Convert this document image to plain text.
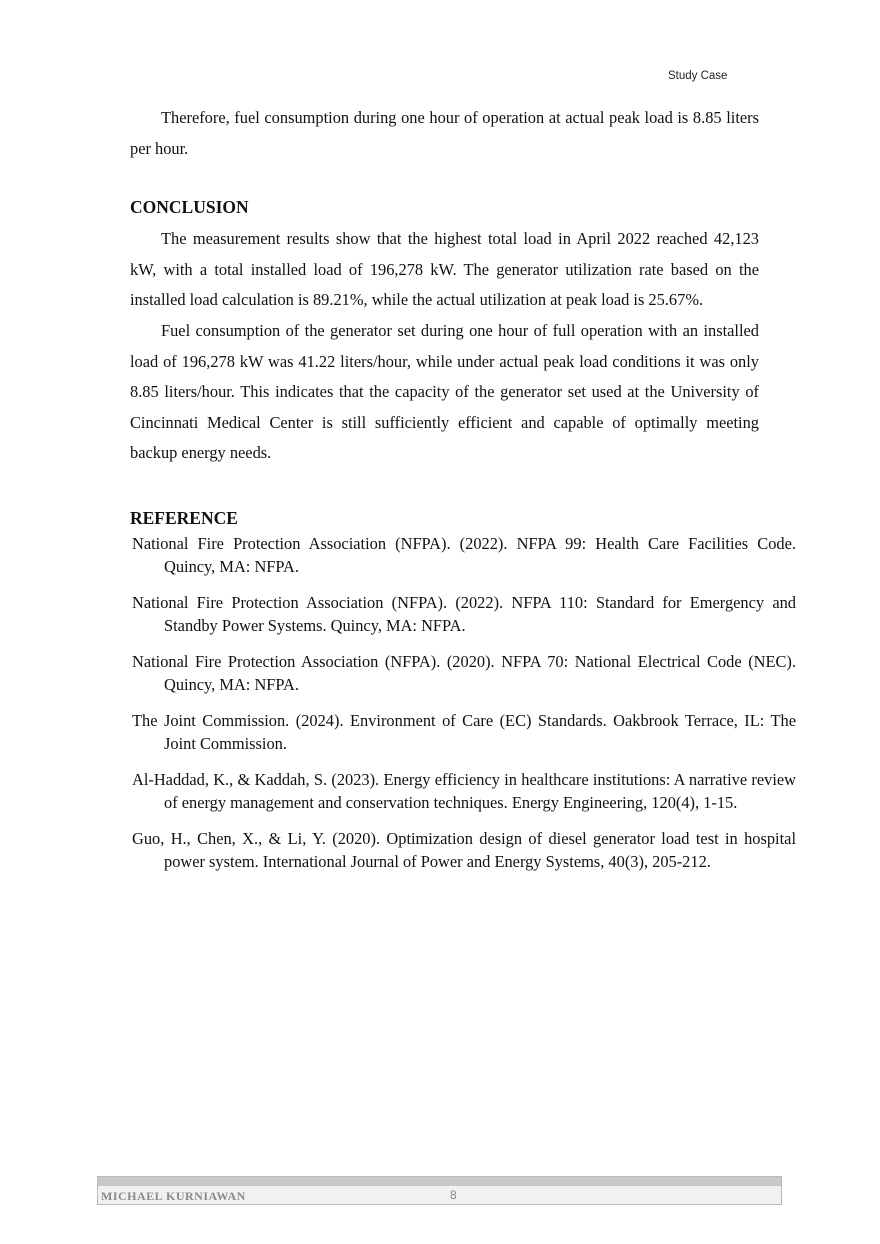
Study Case

Therefore, fuel consumption during one hour of operation at actual peak load is 8.85 liters per hour.

CONCLUSION

The measurement results show that the highest total load in April 2022 reached 42,123 kW, with a total installed load of 196,278 kW. The generator utilization rate based on the installed load calculation is 89.21%, while the actual utilization at peak load is 25.67%.

Fuel consumption of the generator set during one hour of full operation with an installed load of 196,278 kW was 41.22 liters/hour, while under actual peak load conditions it was only 8.85 liters/hour. This indicates that the capacity of the generator set used at the University of Cincinnati Medical Center is still sufficiently efficient and capable of optimally meeting backup energy needs.

REFERENCE
National Fire Protection Association (NFPA). (2022). NFPA 99: Health Care Facilities Code. Quincy, MA: NFPA.
National Fire Protection Association (NFPA). (2022). NFPA 110: Standard for Emergency and Standby Power Systems. Quincy, MA: NFPA.
National Fire Protection Association (NFPA). (2020). NFPA 70: National Electrical Code (NEC). Quincy, MA: NFPA.
The Joint Commission. (2024). Environment of Care (EC) Standards. Oakbrook Terrace, IL: The Joint Commission.
Al-Haddad, K., & Kaddah, S. (2023). Energy efficiency in healthcare institutions: A narrative review of energy management and conservation techniques. Energy Engineering, 120(4), 1-15.
Guo, H., Chen, X., & Li, Y. (2020). Optimization design of diesel generator load test in hospital power system. International Journal of Power and Energy Systems, 40(3), 205-212.
MICHAEL KURNIAWAN	8
